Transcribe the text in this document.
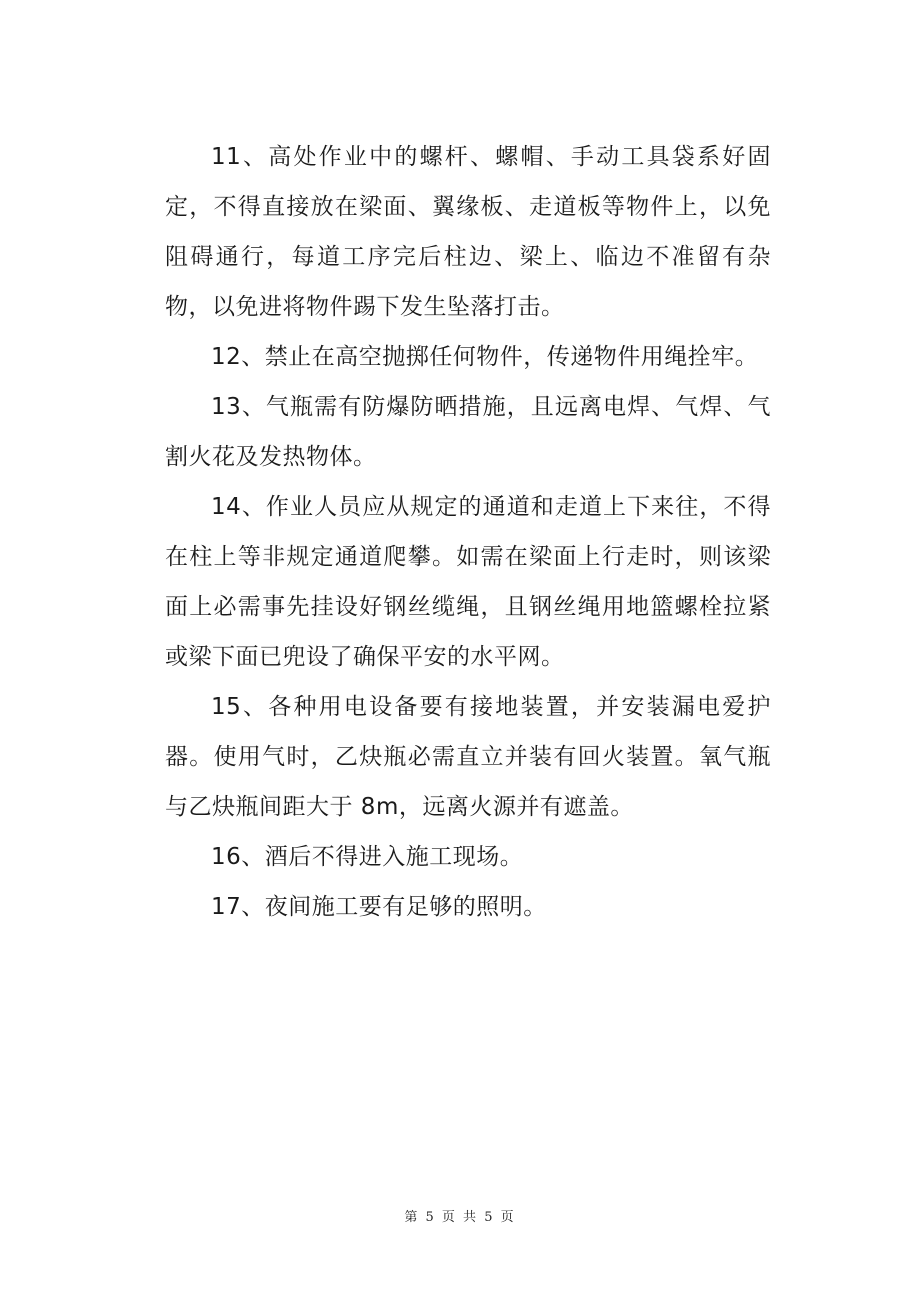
11、高处作业中的螺杆、螺帽、手动工具袋系好固定，不得直接放在梁面、翼缘板、走道板等物件上，以免阻碍通行，每道工序完后柱边、梁上、临边不准留有杂物，以免进将物件踢下发生坠落打击。

12、禁止在高空抛掷任何物件，传递物件用绳拴牢。

13、气瓶需有防爆防晒措施，且远离电焊、气焊、气割火花及发热物体。

14、作业人员应从规定的通道和走道上下来往，不得在柱上等非规定通道爬攀。如需在梁面上行走时，则该梁面上必需事先挂设好钢丝缆绳，且钢丝绳用地篮螺栓拉紧或梁下面已兜设了确保平安的水平网。

15、各种用电设备要有接地装置，并安装漏电爱护器。使用气时，乙炔瓶必需直立并装有回火装置。氧气瓶与乙炔瓶间距大于 8m，远离火源并有遮盖。

16、酒后不得进入施工现场。

17、夜间施工要有足够的照明。

第 5 页 共 5 页
